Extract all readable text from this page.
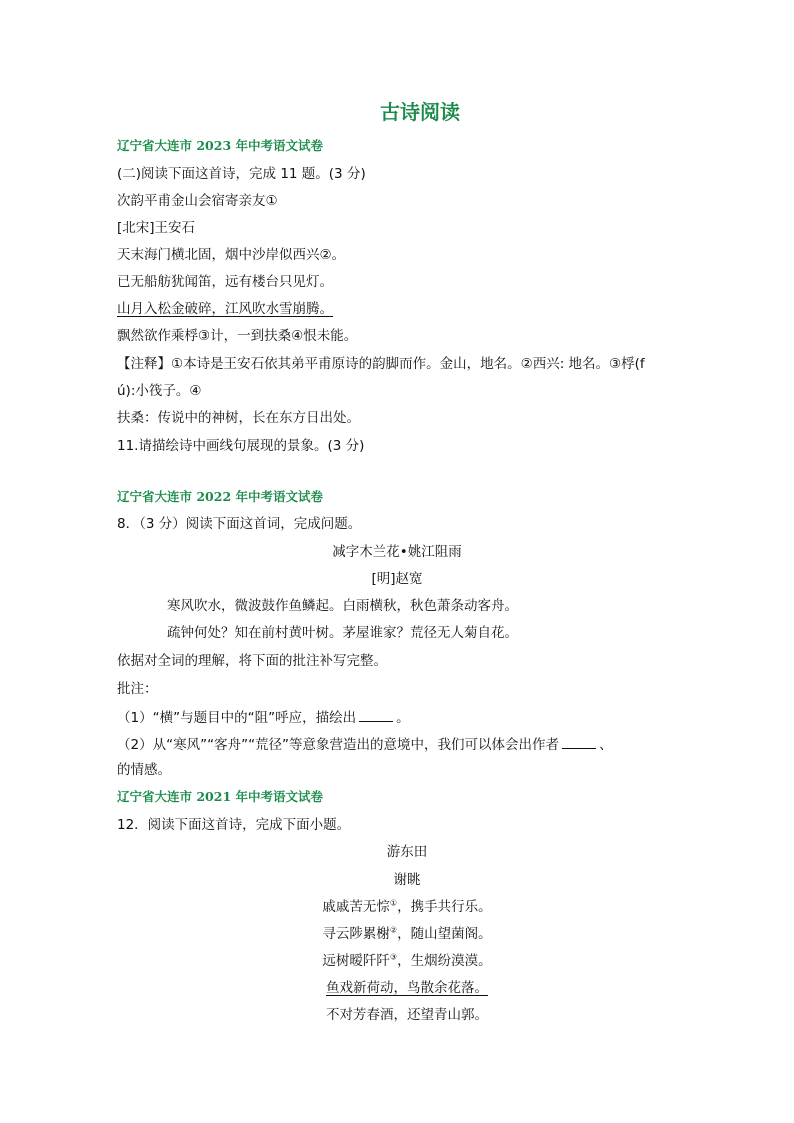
古诗阅读
辽宁省大连市 2023 年中考语文试卷
(二)阅读下面这首诗，完成 11 题。(3 分)
次韵平甫金山会宿寄亲友①
[北宋]王安石
天末海门横北固，烟中沙岸似西兴②。
已无船舫犹闻笛，远有楼台只见灯。
山月入松金破碎，江风吹水雪崩腾。
飘然欲作乘桴③计，一到扶桑④恨未能。
【注释】①本诗是王安石依其弟平甫原诗的韵脚而作。金山，地名。②西兴: 地名。③桴(f
ú):小筏子。④
扶桑：传说中的神树，长在东方日出处。
11.请描绘诗中画线句展现的景象。(3 分)
辽宁省大连市 2022 年中考语文试卷
8．（3 分）阅读下面这首词，完成问题。
减字木兰花•姚江阻雨
[明]赵宽
寒风吹水，微波鼓作鱼鳞起。白雨横秋，秋色萧条动客舟。
疏钟何处？知在前村黄叶树。茅屋谁家？荒径无人菊自花。
依据对全词的理解，将下面的批注补写完整。
批注：
（1）“横”与题目中的“阻”呼应，描绘出	。
（2）从“寒风”“客舟”“荒径”等意象营造出的意境中，我们可以体会出作者	、
的情感。
辽宁省大连市 2021 年中考语文试卷
12．阅读下面这首诗，完成下面小题。
游东田
谢眺
戚戚苦无悰①，携手共行乐。
寻云陟累榭②，随山望菌阁。
远树暧阡阡③，生烟纷漠漠。
鱼戏新荷动，鸟散余花落。
不对芳春酒，还望青山郭。
